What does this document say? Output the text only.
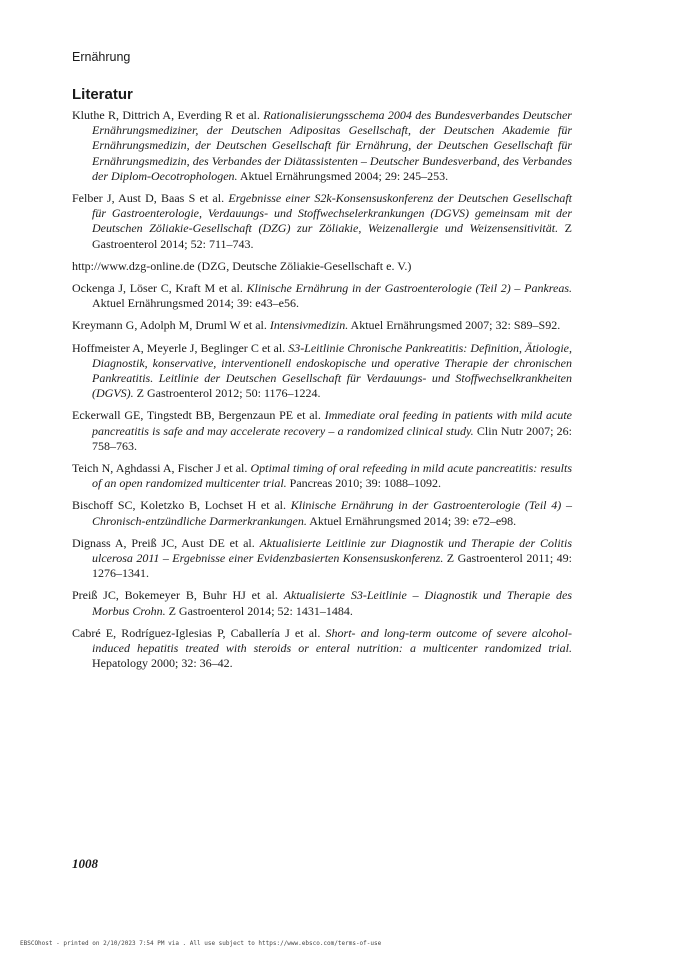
Ernährung
Literatur

Kluthe R, Dittrich A, Everding R et al. Rationalisierungsschema 2004 des Bundesverbandes Deutscher Ernährungsmediziner, der Deutschen Adipositas Gesellschaft, der Deutschen Akademie für Ernährungsmedizin, der Deutschen Gesellschaft für Ernährung, der Deutschen Gesellschaft für Ernährungsmedizin, des Verbandes der Diätassistenten – Deutscher Bundesverband, des Verbandes der Diplom-Oecotrophologen. Aktuel Ernährungsmed 2004; 29: 245–253.

Felber J, Aust D, Baas S et al. Ergebnisse einer S2k-Konsensuskonferenz der Deutschen Gesellschaft für Gastroenterologie, Verdauungs- und Stoffwechselerkrankungen (DGVS) gemeinsam mit der Deutschen Zöliakie-Gesellschaft (DZG) zur Zöliakie, Weizenallergie und Weizensensitivität. Z Gastroenterol 2014; 52: 711–743.

http://www.dzg-online.de (DZG, Deutsche Zöliakie-Gesellschaft e. V.)

Ockenga J, Löser C, Kraft M et al. Klinische Ernährung in der Gastroenterologie (Teil 2) – Pankreas. Aktuel Ernährungsmed 2014; 39: e43–e56.

Kreymann G, Adolph M, Druml W et al. Intensivmedizin. Aktuel Ernährungsmed 2007; 32: S89–S92.

Hoffmeister A, Meyerle J, Beglinger C et al. S3-Leitlinie Chronische Pankreatitis: Definition, Ätiologie, Diagnostik, konservative, interventionell endoskopische und operative Therapie der chronischen Pankreatitis. Leitlinie der Deutschen Gesellschaft für Verdauungs- und Stoffwechselkrankheiten (DGVS). Z Gastroenterol 2012; 50: 1176–1224.

Eckerwall GE, Tingstedt BB, Bergenzaun PE et al. Immediate oral feeding in patients with mild acute pancreatitis is safe and may accelerate recovery – a randomized clinical study. Clin Nutr 2007; 26: 758–763.

Teich N, Aghdassi A, Fischer J et al. Optimal timing of oral refeeding in mild acute pancreatitis: results of an open randomized multicenter trial. Pancreas 2010; 39: 1088–1092.

Bischoff SC, Koletzko B, Lochset H et al. Klinische Ernährung in der Gastroenterologie (Teil 4) – Chronisch-entzündliche Darmerkrankungen. Aktuel Ernährungsmed 2014; 39: e72–e98.

Dignass A, Preiß JC, Aust DE et al. Aktualisierte Leitlinie zur Diagnostik und Therapie der Colitis ulcerosa 2011 – Ergebnisse einer Evidenzbasierten Konsensuskonferenz. Z Gastroenterol 2011; 49: 1276–1341.

Preiß JC, Bokemeyer B, Buhr HJ et al. Aktualisierte S3-Leitlinie – Diagnostik und Therapie des Morbus Crohn. Z Gastroenterol 2014; 52: 1431–1484.

Cabré E, Rodríguez-Iglesias P, Caballería J et al. Short- and long-term outcome of severe alcohol-induced hepatitis treated with steroids or enteral nutrition: a multicenter randomized trial. Hepatology 2000; 32: 36–42.

1008
EBSCOhost - printed on 2/10/2023 7:54 PM via . All use subject to https://www.ebsco.com/terms-of-use
